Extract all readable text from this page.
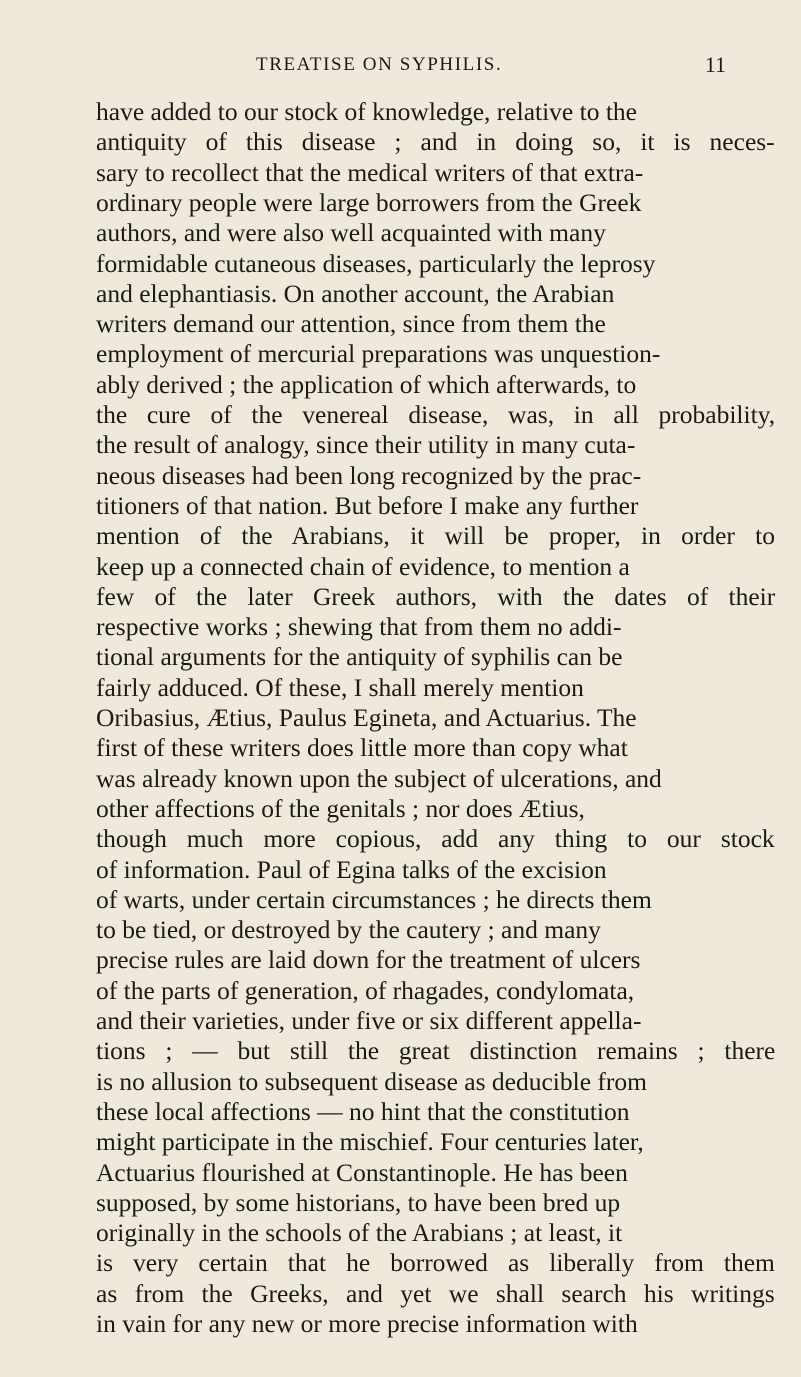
TREATISE ON SYPHILIS.	11
have added to our stock of knowledge, relative to the
antiquity of this disease ; and in doing so, it is neces-
sary to recollect that the medical writers of that extra-
ordinary people were large borrowers from the Greek
authors, and were also well acquainted with many
formidable cutaneous diseases, particularly the leprosy
and elephantiasis. On another account, the Arabian
writers demand our attention, since from them the
employment of mercurial preparations was unquestion-
ably derived ; the application of which afterwards, to
the cure of the venereal disease, was, in all probability,
the result of analogy, since their utility in many cuta-
neous diseases had been long recognized by the prac-
titioners of that nation. But before I make any further
mention of the Arabians, it will be proper, in order to
keep up a connected chain of evidence, to mention a
few of the later Greek authors, with the dates of their
respective works ; shewing that from them no addi-
tional arguments for the antiquity of syphilis can be
fairly adduced. Of these, I shall merely mention
Oribasius, Ætius, Paulus Egineta, and Actuarius. The
first of these writers does little more than copy what
was already known upon the subject of ulcerations, and
other affections of the genitals ; nor does Ætius,
though much more copious, add any thing to our stock
of information. Paul of Egina talks of the excision
of warts, under certain circumstances ; he directs them
to be tied, or destroyed by the cautery ; and many
precise rules are laid down for the treatment of ulcers
of the parts of generation, of rhagades, condylomata,
and their varieties, under five or six different appella-
tions ; — but still the great distinction remains ; there
is no allusion to subsequent disease as deducible from
these local affections — no hint that the constitution
might participate in the mischief. Four centuries later,
Actuarius flourished at Constantinople. He has been
supposed, by some historians, to have been bred up
originally in the schools of the Arabians ; at least, it
is very certain that he borrowed as liberally from them
as from the Greeks, and yet we shall search his writings
in vain for any new or more precise information with
